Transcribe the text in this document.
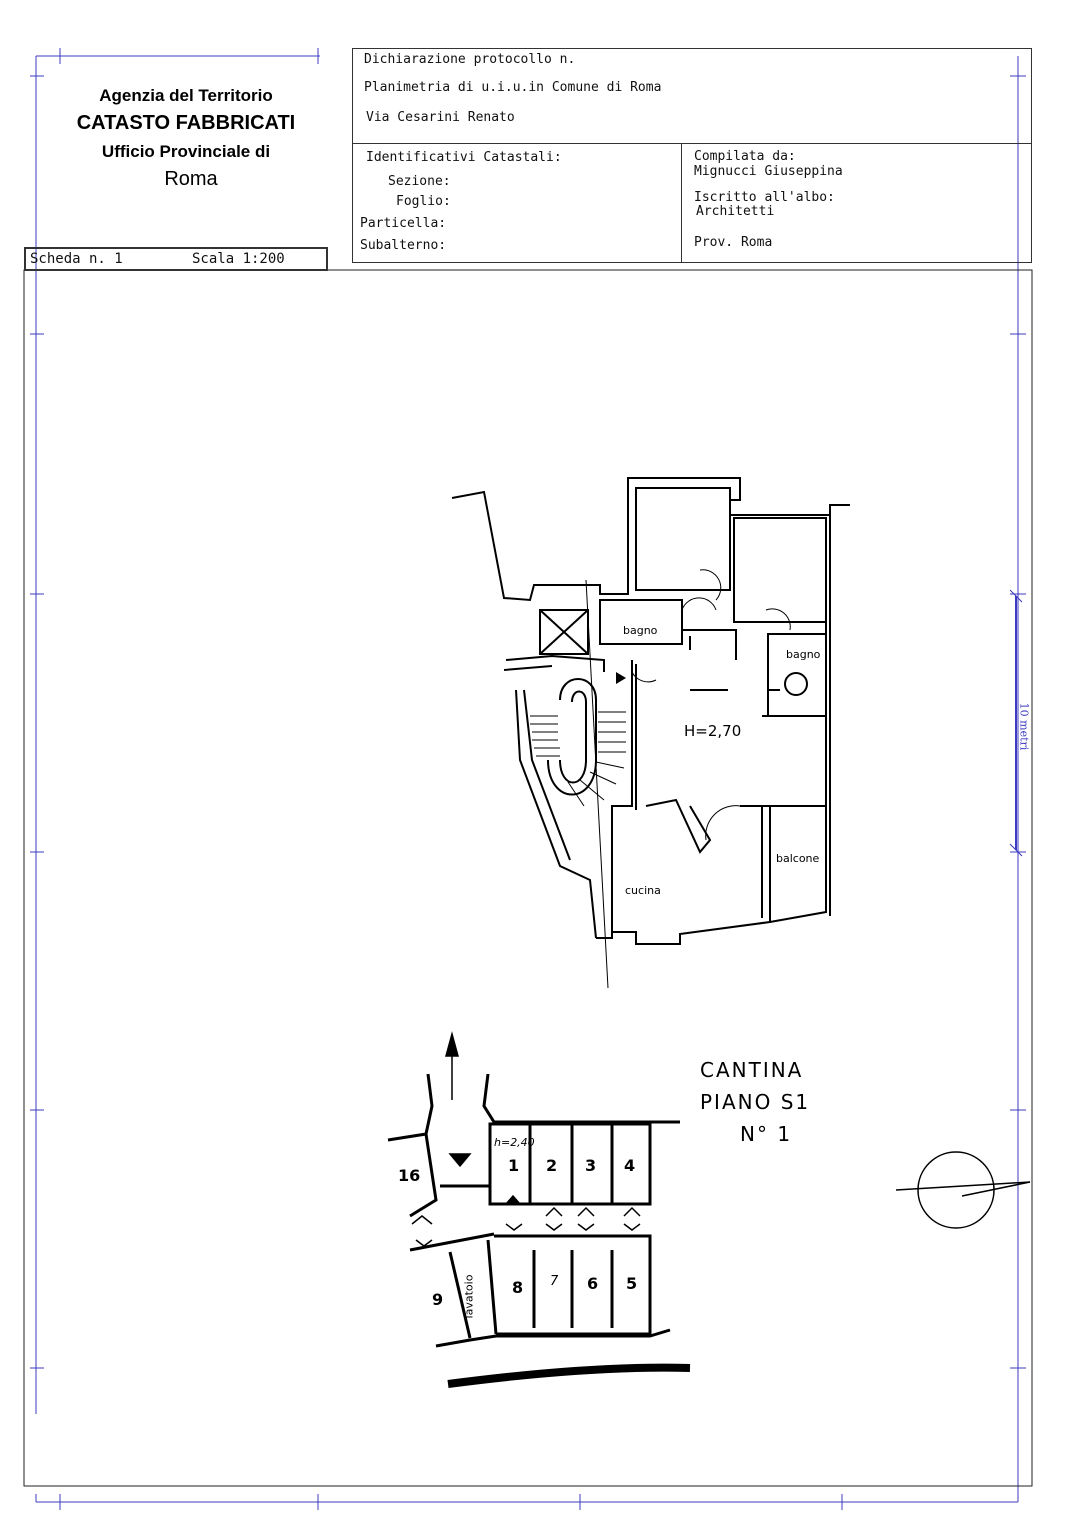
Agenzia del Territorio
CATASTO FABBRICATI
Ufficio Provinciale di
Roma
Dichiarazione protocollo n.
Planimetria di u.i.u.in Comune di Roma
Via Cesarini Renato
Identificativi Catastali:
Sezione:
Foglio:
Particella:
Subalterno:
Compilata da:
Mignucci Giuseppina
Iscritto all'albo:
Architetti
Prov. Roma
Scheda n. 1	Scala 1:200
10 metri
bagno
bagno
H=2,70
balcone
cucina
CANTINA
PIANO S1
N° 1
h=2,40
1 2 3 4
8 7 6 5
16
9 lavatoio
